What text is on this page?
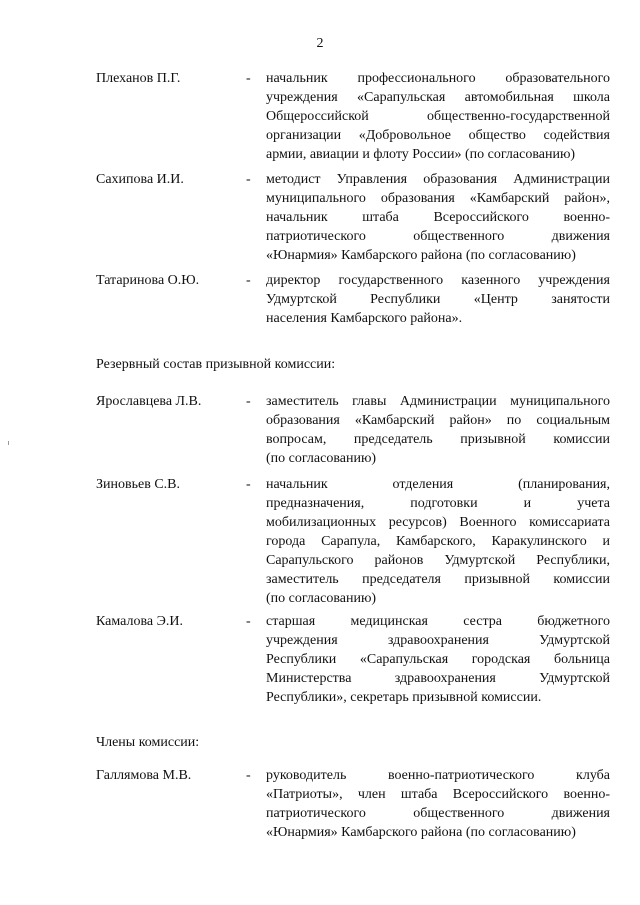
2
Плеханов П.Г.	- начальник профессионального образовательного
учреждения «Сарапульская автомобильная школа
Общероссийской общественно-государственной
организации «Добровольное общество содействия
армии, авиации и флоту России» (по согласованию)
Сахипова И.И.	- методист Управления образования Администрации
муниципального образования «Камбарский район»,
начальник штаба Всероссийского военно-
патриотического общественного движения
«Юнармия» Камбарского района (по согласованию)
Татаринова О.Ю.	- директор государственного казенного учреждения
Удмуртской Республики «Центр занятости
населения Камбарского района».
Резервный состав призывной комиссии:
Ярославцева Л.В.	- заместитель главы Администрации муниципального
образования «Камбарский район» по социальным
вопросам, председатель призывной комиссии
(по согласованию)
Зиновьев С.В.	- начальник отделения (планирования,
предназначения, подготовки и учета
мобилизационных ресурсов) Военного комиссариата
города Сарапула, Камбарского, Каракулинского и
Сарапульского районов Удмуртской Республики,
заместитель председателя призывной комиссии
(по согласованию)
Камалова Э.И.	- старшая медицинская сестра бюджетного
учреждения здравоохранения Удмуртской
Республики «Сарапульская городская больница
Министерства здравоохранения Удмуртской
Республики», секретарь призывной комиссии.
Члены комиссии:
Галлямова М.В.	- руководитель военно-патриотического клуба
«Патриоты», член штаба Всероссийского военно-
патриотического общественного движения
«Юнармия» Камбарского района (по согласованию)
